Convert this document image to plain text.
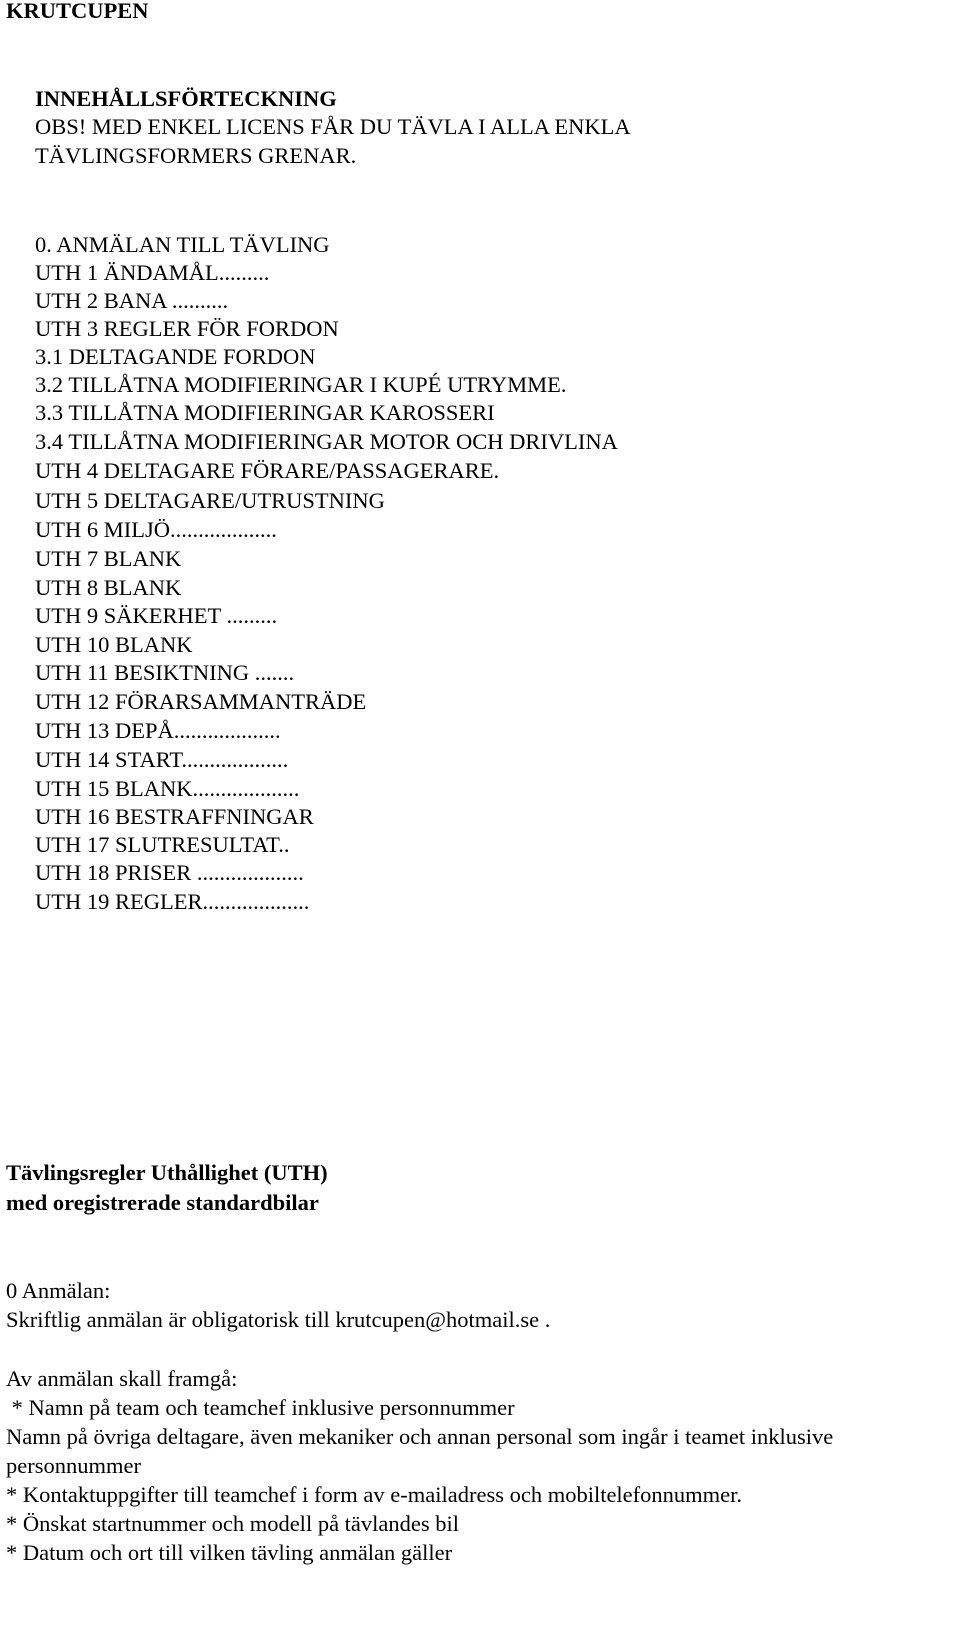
KRUTCUPEN
INNEHÅLLSFÖRTECKNING
OBS! MED ENKEL LICENS FÅR DU TÄVLA I ALLA ENKLA
TÄVLINGSFORMERS GRENAR.
0. ANMÄLAN TILL TÄVLING
UTH 1 ÄNDAMÅL.........
UTH 2 BANA ..........
UTH 3 REGLER FÖR FORDON
3.1 DELTAGANDE FORDON
3.2 TILLÅTNA MODIFIERINGAR I KUPÉ UTRYMME.
3.3 TILLÅTNA MODIFIERINGAR KAROSSERI
3.4 TILLÅTNA MODIFIERINGAR MOTOR OCH DRIVLINA
UTH 4 DELTAGARE FÖRARE/PASSAGERARE.
UTH 5 DELTAGARE/UTRUSTNING
UTH 6 MILJÖ...................
UTH 7 BLANK
UTH 8 BLANK
UTH 9 SÄKERHET .........
UTH 10 BLANK
UTH 11 BESIKTNING .......
UTH 12 FÖRARSAMMANTRÄDE
UTH 13 DEPÅ...................
UTH 14 START...................
UTH 15 BLANK...................
UTH 16 BESTRAFFNINGAR
UTH 17 SLUTRESULTAT..
UTH 18 PRISER ...................
UTH 19 REGLER...................
Tävlingsregler Uthållighet (UTH)
med oregistrerade standardbilar
0 Anmälan:
Skriftlig anmälan är obligatorisk till krutcupen@hotmail.se .
Av anmälan skall framgå:
* Namn på team och teamchef inklusive personnummer
Namn på övriga deltagare, även mekaniker och annan personal som ingår i teamet inklusive
personnummer
* Kontaktuppgifter till teamchef i form av e-mailadress och mobiltelefonnummer.
* Önskat startnummer och modell på tävlandes bil
* Datum och ort till vilken tävling anmälan gäller
